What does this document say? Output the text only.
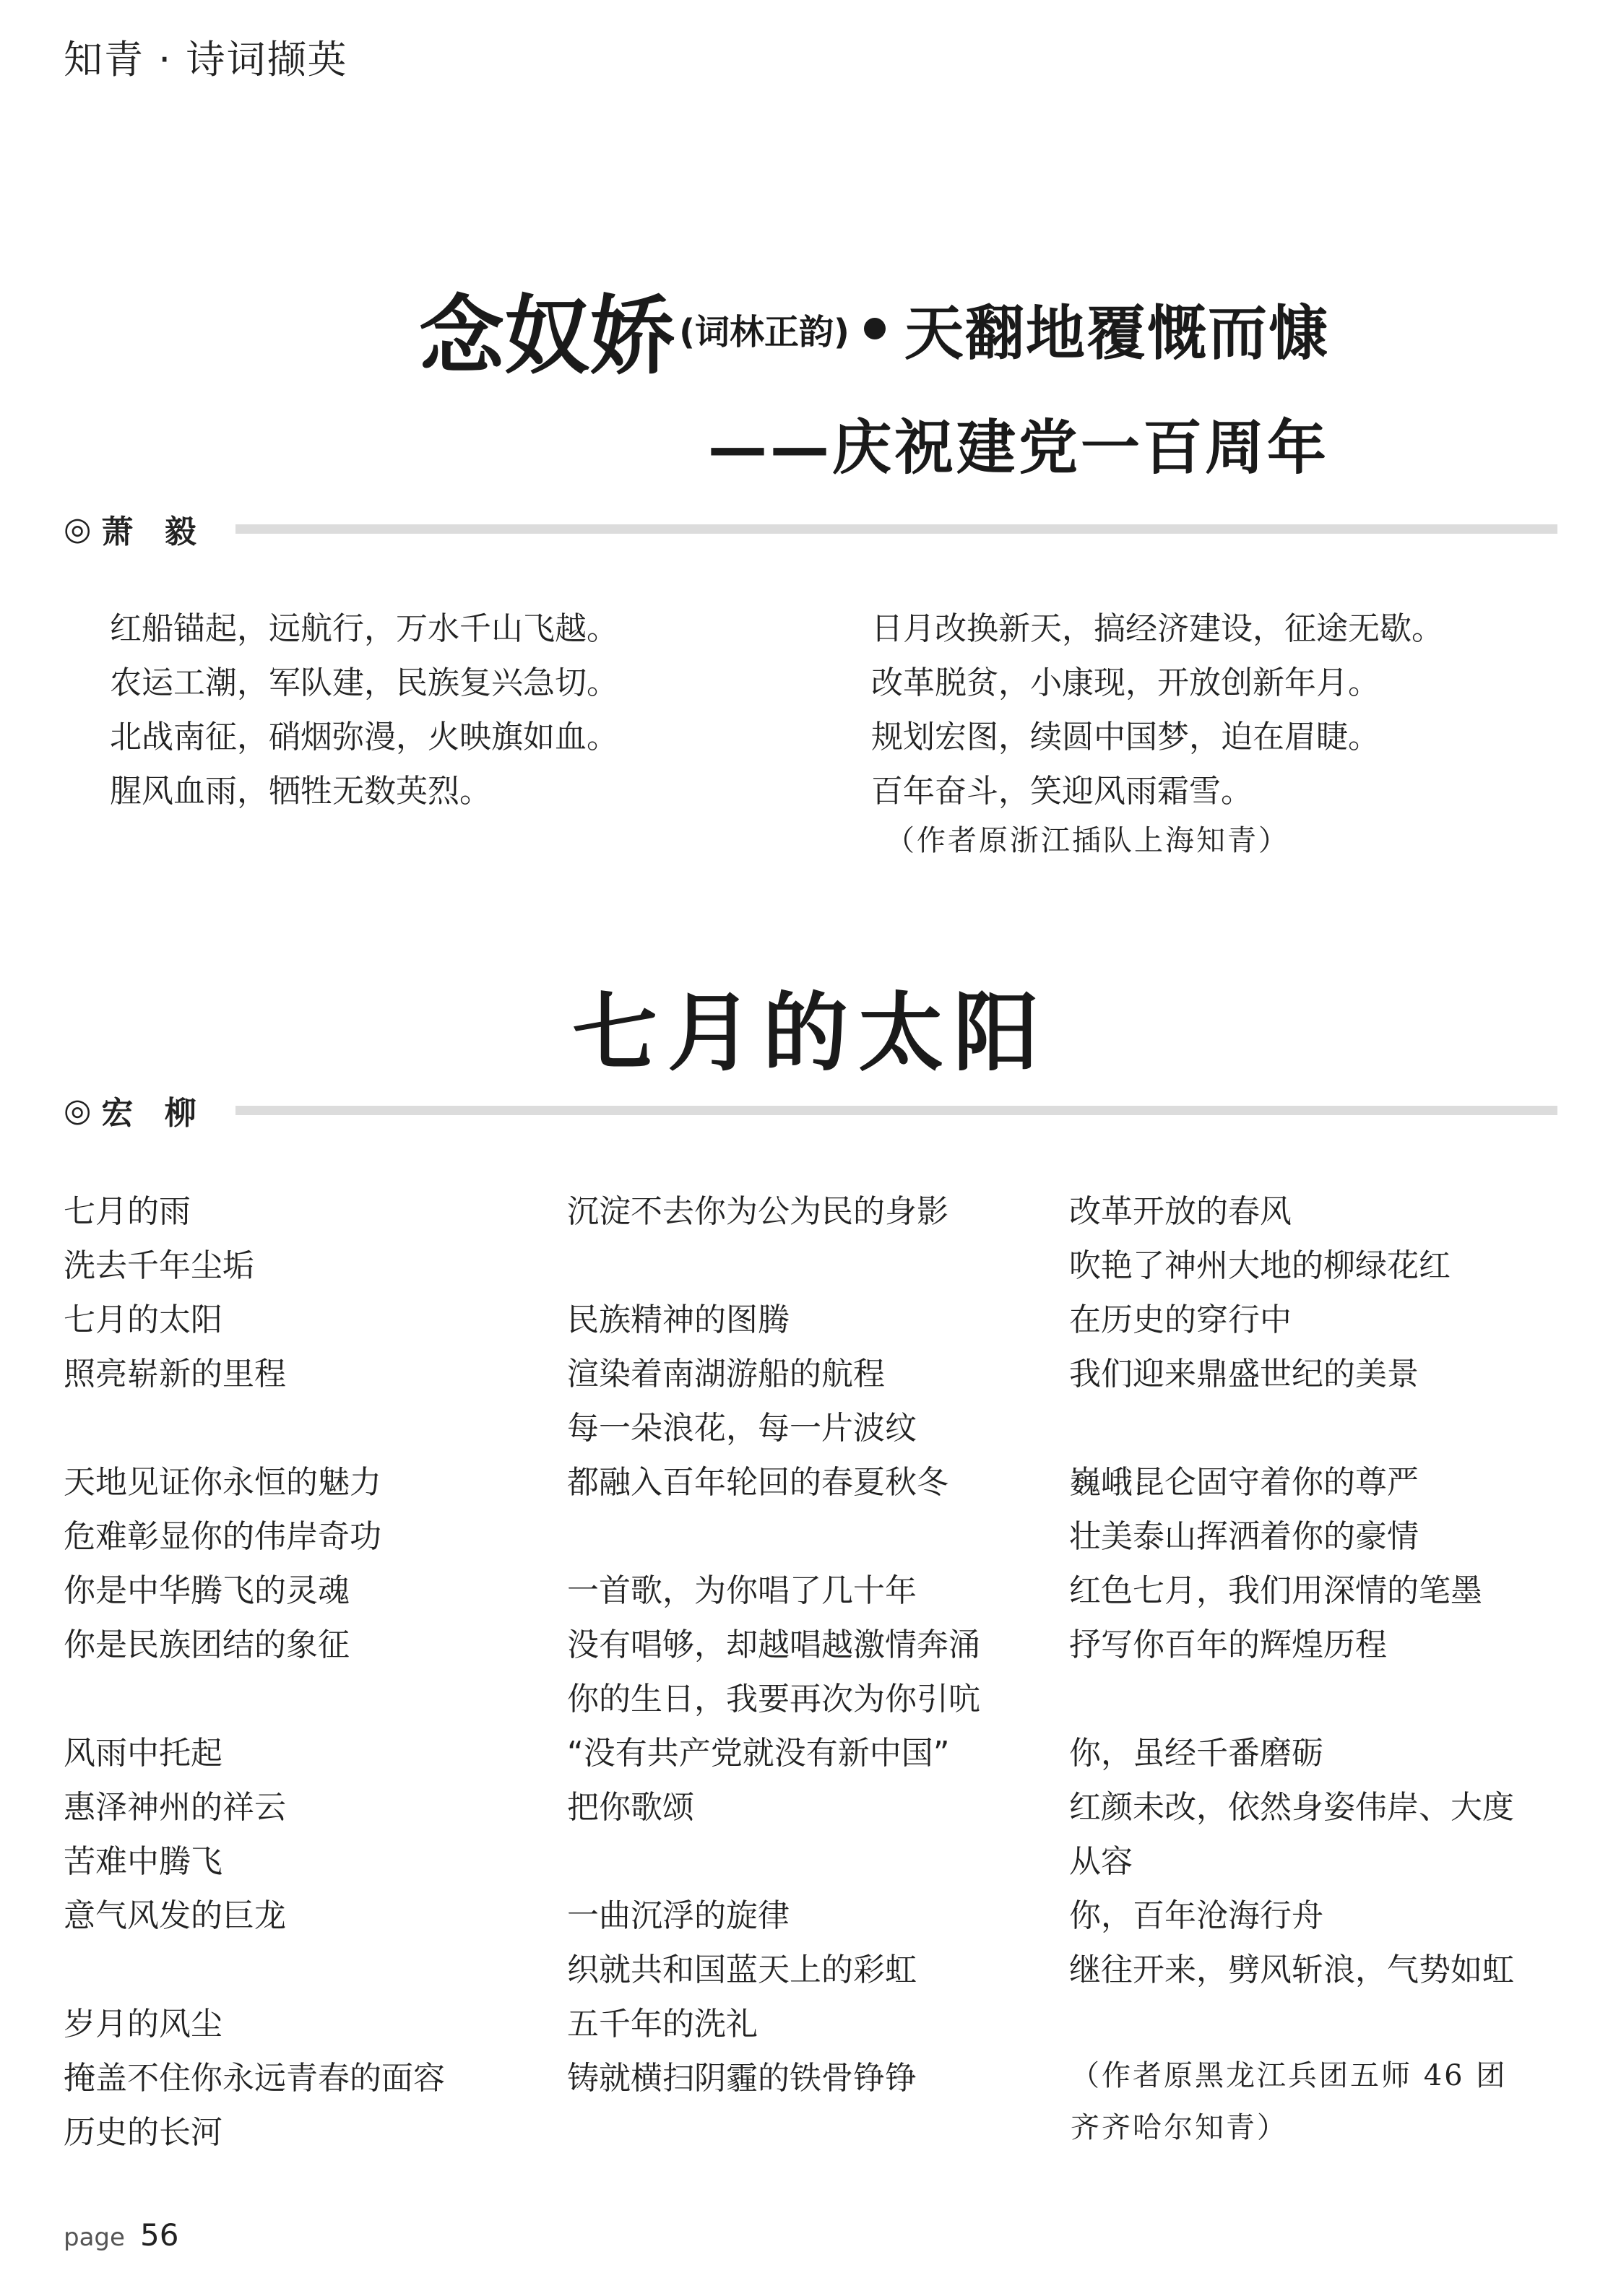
知青 · 诗词撷英
念奴娇 (词林正韵) 天翻地覆慨而慷
——庆祝建党一百周年
◎ 萧 毅
红船锚起，远航行，万水千山飞越。
农运工潮，军队建，民族复兴急切。
北战南征，硝烟弥漫，火映旗如血。
腥风血雨，牺牲无数英烈。
日月改换新天，搞经济建设，征途无歇。
改革脱贫，小康现，开放创新年月。
规划宏图，续圆中国梦，迫在眉睫。
百年奋斗，笑迎风雨霜雪。
（作者原浙江插队上海知青）
七月的太阳
◎ 宏 柳
七月的雨
洗去千年尘垢
七月的太阳
照亮崭新的里程

天地见证你永恒的魅力
危难彰显你的伟岸奇功
你是中华腾飞的灵魂
你是民族团结的象征

风雨中托起
惠泽神州的祥云
苦难中腾飞
意气风发的巨龙

岁月的风尘
掩盖不住你永远青春的面容
历史的长河
沉淀不去你为公为民的身影

民族精神的图腾
渲染着南湖游船的航程
每一朵浪花，每一片波纹
都融入百年轮回的春夏秋冬

一首歌，为你唱了几十年
没有唱够，却越唱越激情奔涌
你的生日，我要再次为你引吭
“没有共产党就没有新中国”
把你歌颂

一曲沉浮的旋律
织就共和国蓝天上的彩虹
五千年的洗礼
铸就横扫阴霾的铁骨铮铮
改革开放的春风
吹艳了神州大地的柳绿花红
在历史的穿行中
我们迎来鼎盛世纪的美景

巍峨昆仑固守着你的尊严
壮美泰山挥洒着你的豪情
红色七月，我们用深情的笔墨
抒写你百年的辉煌历程

你，虽经千番磨砺
红颜未改，依然身姿伟岸、大度
从容
你，百年沧海行舟
继往开来，劈风斩浪，气势如虹
（作者原黑龙江兵团五师 46 团
齐齐哈尔知青）
page 56
